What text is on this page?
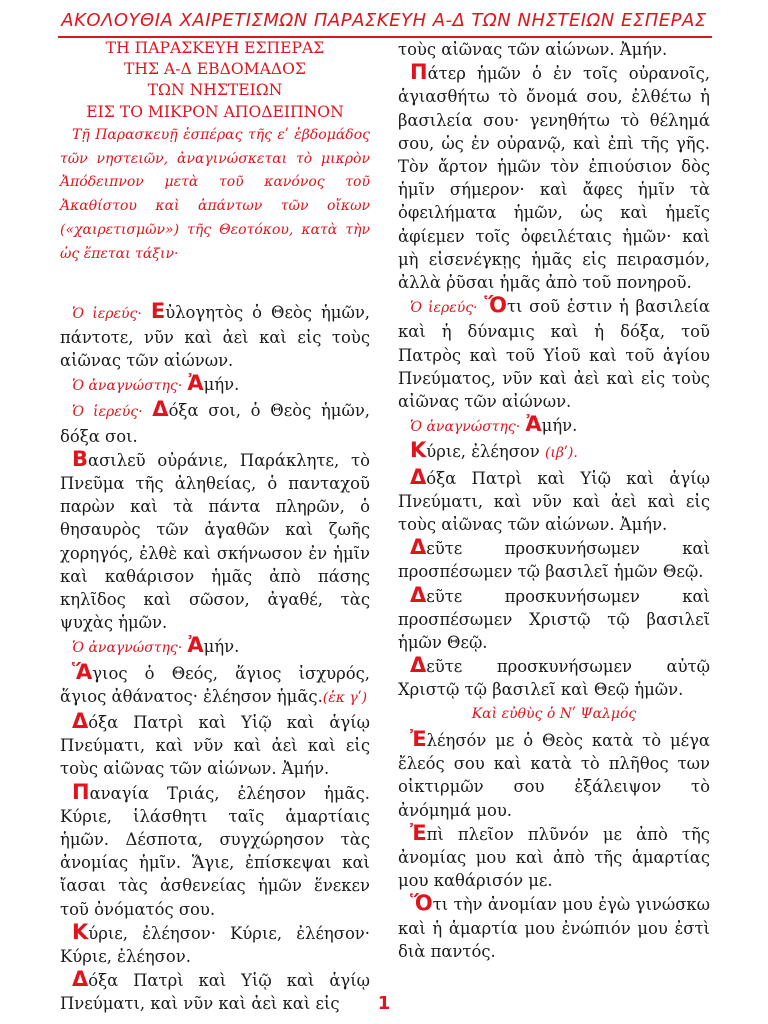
ΑΚΟΛΟΥΘΙΑ ΧΑΙΡΕΤΙΣΜΩΝ ΠΑΡΑΣΚΕΥΗ Α-Δ ΤΩΝ ΝΗΣΤΕΙΩΝ ΕΣΠΕΡΑΣ
ΤΗ ΠΑΡΑΣΚΕΥΗ ΕΣΠΕΡΑΣ
ΤΗΣ Α-Δ ΕΒΔΟΜΑΔΟΣ
ΤΩΝ ΝΗΣΤΕΙΩΝ
ΕΙΣ ΤΟ ΜΙΚΡΟΝ ΑΠΟΔΕΙΠΝΟΝ
Τῇ Παρασκευῇ ἑσπέρας τῆς εʹ ἑβδομάδος τῶν νηστειῶν, ἀναγινώσκεται τὸ μικρὸν Ἀπόδειπνον μετὰ τοῦ κανόνος τοῦ Ἀκαθίστου καὶ ἁπάντων τῶν οἴκων («χαιρετισμῶν») τῆς Θεοτόκου, κατὰ τὴν ὡς ἕπεται τάξιν·

Ὁ ἱερεύς· Εὐλογητὸς ὁ Θεὸς ἡμῶν, πάντοτε, νῦν καὶ ἀεὶ καὶ εἰς τοὺς αἰῶνας τῶν αἰώνων.

Ὁ ἀναγνώστης· Ἀμήν.

Ὁ ἱερεύς· Δόξα σοι, ὁ Θεὸς ἡμῶν, δόξα σοι.

Βασιλεῦ οὐράνιε, Παράκλητε, τὸ Πνεῦμα τῆς ἀληθείας, ὁ πανταχοῦ παρὼν καὶ τὰ πάντα πληρῶν, ὁ θησαυρὸς τῶν ἀγαθῶν καὶ ζωῆς χορηγός, ἐλθὲ καὶ σκήνωσον ἐν ἡμῖν καὶ καθάρισον ἡμᾶς ἀπὸ πάσης κηλῖδος καὶ σῶσον, ἀγαθέ, τὰς ψυχὰς ἡμῶν.

Ὁ ἀναγνώστης· Ἀμήν.

Ἅγιος ὁ Θεός, ἅγιος ἰσχυρός, ἅγιος ἀθάνατος· ἐλέησον ἡμᾶς.(ἐκ γʹ)

Δόξα Πατρὶ καὶ Υἱῷ καὶ ἁγίῳ Πνεύματι, καὶ νῦν καὶ ἀεὶ καὶ εἰς τοὺς αἰῶνας τῶν αἰώνων. Ἀμήν.

Παναγία Τριάς, ἐλέησον ἡμᾶς. Κύριε, ἱλάσθητι ταῖς ἁμαρτίαις ἡμῶν. Δέσποτα, συγχώρησον τὰς ἀνομίας ἡμῖν. Ἅγιε, ἐπίσκεψαι καὶ ἴασαι τὰς ἀσθενείας ἡμῶν ἕνεκεν τοῦ ὀνόματός σου.

Κύριε, ἐλέησον· Κύριε, ἐλέησον· Κύριε, ἐλέησον.

Δόξα Πατρὶ καὶ Υἱῷ καὶ ἁγίῳ Πνεύματι, καὶ νῦν καὶ ἀεὶ καὶ εἰς

τοὺς αἰῶνας τῶν αἰώνων. Ἀμήν.

Πάτερ ἡμῶν ὁ ἐν τοῖς οὐρανοῖς, ἁγιασθήτω τὸ ὄνομά σου, ἐλθέτω ἡ βασιλεία σου· γενηθήτω τὸ θέλημά σου, ὡς ἐν οὐρανῷ, καὶ ἐπὶ τῆς γῆς. Τὸν ἄρτον ἡμῶν τὸν ἐπιούσιον δὸς ἡμῖν σήμερον· καὶ ἄφες ἡμῖν τὰ ὀφειλήματα ἡμῶν, ὡς καὶ ἡμεῖς ἀφίεμεν τοῖς ὀφειλέταις ἡμῶν· καὶ μὴ εἰσενέγκῃς ἡμᾶς εἰς πειρασμόν, ἀλλὰ ῥῦσαι ἡμᾶς ἀπὸ τοῦ πονηροῦ.

Ὁ ἱερεύς· Ὅτι σοῦ ἐστιν ἡ βασιλεία καὶ ἡ δύναμις καὶ ἡ δόξα, τοῦ Πατρὸς καὶ τοῦ Υἱοῦ καὶ τοῦ ἁγίου Πνεύματος, νῦν καὶ ἀεὶ καὶ εἰς τοὺς αἰῶνας τῶν αἰώνων.

Ὁ ἀναγνώστης· Ἀμήν.

Κύριε, ἐλέησον (ιβʹ).

Δόξα Πατρὶ καὶ Υἱῷ καὶ ἁγίῳ Πνεύματι, καὶ νῦν καὶ ἀεὶ καὶ εἰς τοὺς αἰῶνας τῶν αἰώνων. Ἀμήν.

Δεῦτε προσκυνήσωμεν καὶ προσπέσωμεν τῷ βασιλεῖ ἡμῶν Θεῷ.

Δεῦτε προσκυνήσωμεν καὶ προσπέσωμεν Χριστῷ τῷ βασιλεῖ ἡμῶν Θεῷ.

Δεῦτε προσκυνήσωμεν αὐτῷ Χριστῷ τῷ βασιλεῖ καὶ Θεῷ ἡμῶν.

Καὶ εὐθὺς ὁ Νʹ Ψαλμός

Ἐλέησόν με ὁ Θεὸς κατὰ τὸ μέγα ἔλεός σου καὶ κατὰ τὸ πλῆθος των οἰκτιρμῶν σου ἐξάλειψον τὸ ἀνόμημά μου.

Ἐπὶ πλεῖον πλῦνόν με ἀπὸ τῆς ἀνομίας μου καὶ ἀπὸ τῆς ἁμαρτίας μου καθάρισόν με.

Ὅτι τὴν ἀνομίαν μου ἐγὼ γινώσκω καὶ ἡ ἁμαρτία μου ἐνώπιόν μου ἐστὶ διὰ παντός.

1
